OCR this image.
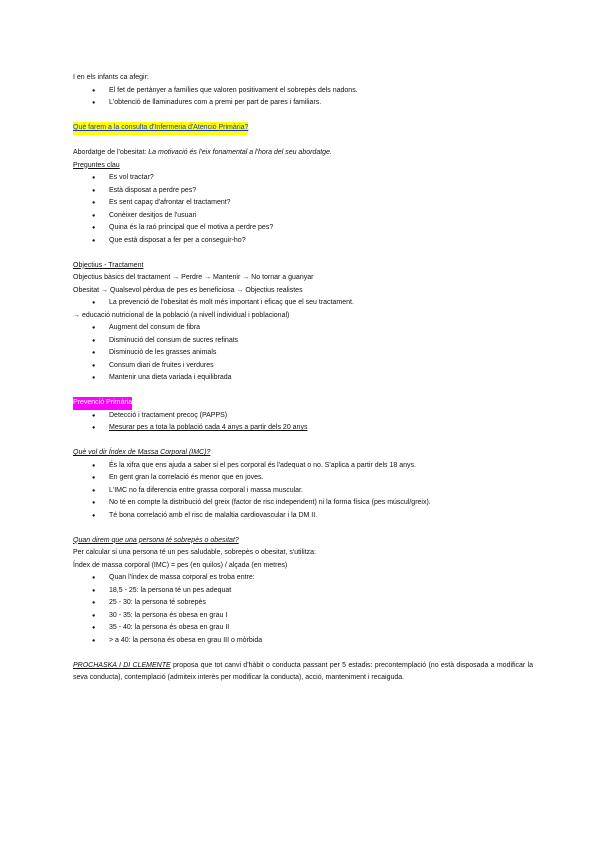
I en els infants ca afegir:

● El fet de pertànyer a famílies que valoren positivament el sobrepès dels nadons.
● L'obtenció de llaminadures com a premi per part de pares i familiars.

Què farem a la consulta d'Infermeria d'Atenció Primària?

Abordatge de l'obesitat: La motivació és l'eix fonamental a l'hora del seu abordatge.

Preguntes clau

● Es vol tractar?
● Està disposat a perdre pes?
● Es sent capaç d'afrontar el tractament?
● Conèixer desitjos de l'usuari
● Quina és la raó principal que el motiva a perdre pes?
● Que està disposat a fer per a conseguir-ho?

Objectius - Tractament

Objectius bàsics del tractament → Perdre → Mantenir → No tornar a guanyar

Obesitat → Qualsevol pèrdua de pes es beneficiosa → Objectius realistes

● La prevenció de l'obesitat és molt més important i eficaç que el seu tractament.

→ educació nutricional de la població (a nivell individual i poblacional)

● Augment del consum de fibra
● Disminució del consum de sucres refinats
● Disminució de les grasses animals
● Consum diari de fruites i verdures
● Mantenir una dieta variada i equilibrada

Prevenció Primària

● Detecció i tractament precoç (PAPPS)
● Mesurar pes a tota la població cada 4 anys a partir dels 20 anys

Què vol dir Índex de Massa Corporal (IMC)?

● És la xifra que ens ajuda a saber si el pes corporal és l'adequat o no. S'aplica a partir dels 18 anys.
● En gent gran la correlació és menor que en joves.
● L'IMC no fa diferencia entre grassa corporal i massa muscular.
● No té en compte la distribució del greix (factor de risc independent) ni la forma física (pes múscul/greix).
● Té bona correlació amb el risc de malaltia cardiovascular i la DM II.

Quan direm que una persona té sobrepès o obesitat?

Per calcular si una persona té un pes saludable, sobrepès o obesitat, s'utilitza:

Índex de massa corporal (IMC) = pes (en quilos) / alçada (en metres)

● Quan l'índex de massa corporal es troba entre:
● 18,5 - 25: la persona té un pes adequat
● 25 - 30: la persona té sobrepès
● 30 - 35: la persona és obesa en grau I
● 35 - 40: la persona és obesa en grau II
● > a 40: la persona és obesa en grau III o mòrbida

PROCHASKA I DI CLEMENTE proposa que tot canvi d'hàbit o conducta passant per 5 estadis: precontemplació (no està disposada a modificar la seva conducta), contemplació (admiteix interès per modificar la conducta), acció, manteniment i recaiguda.
